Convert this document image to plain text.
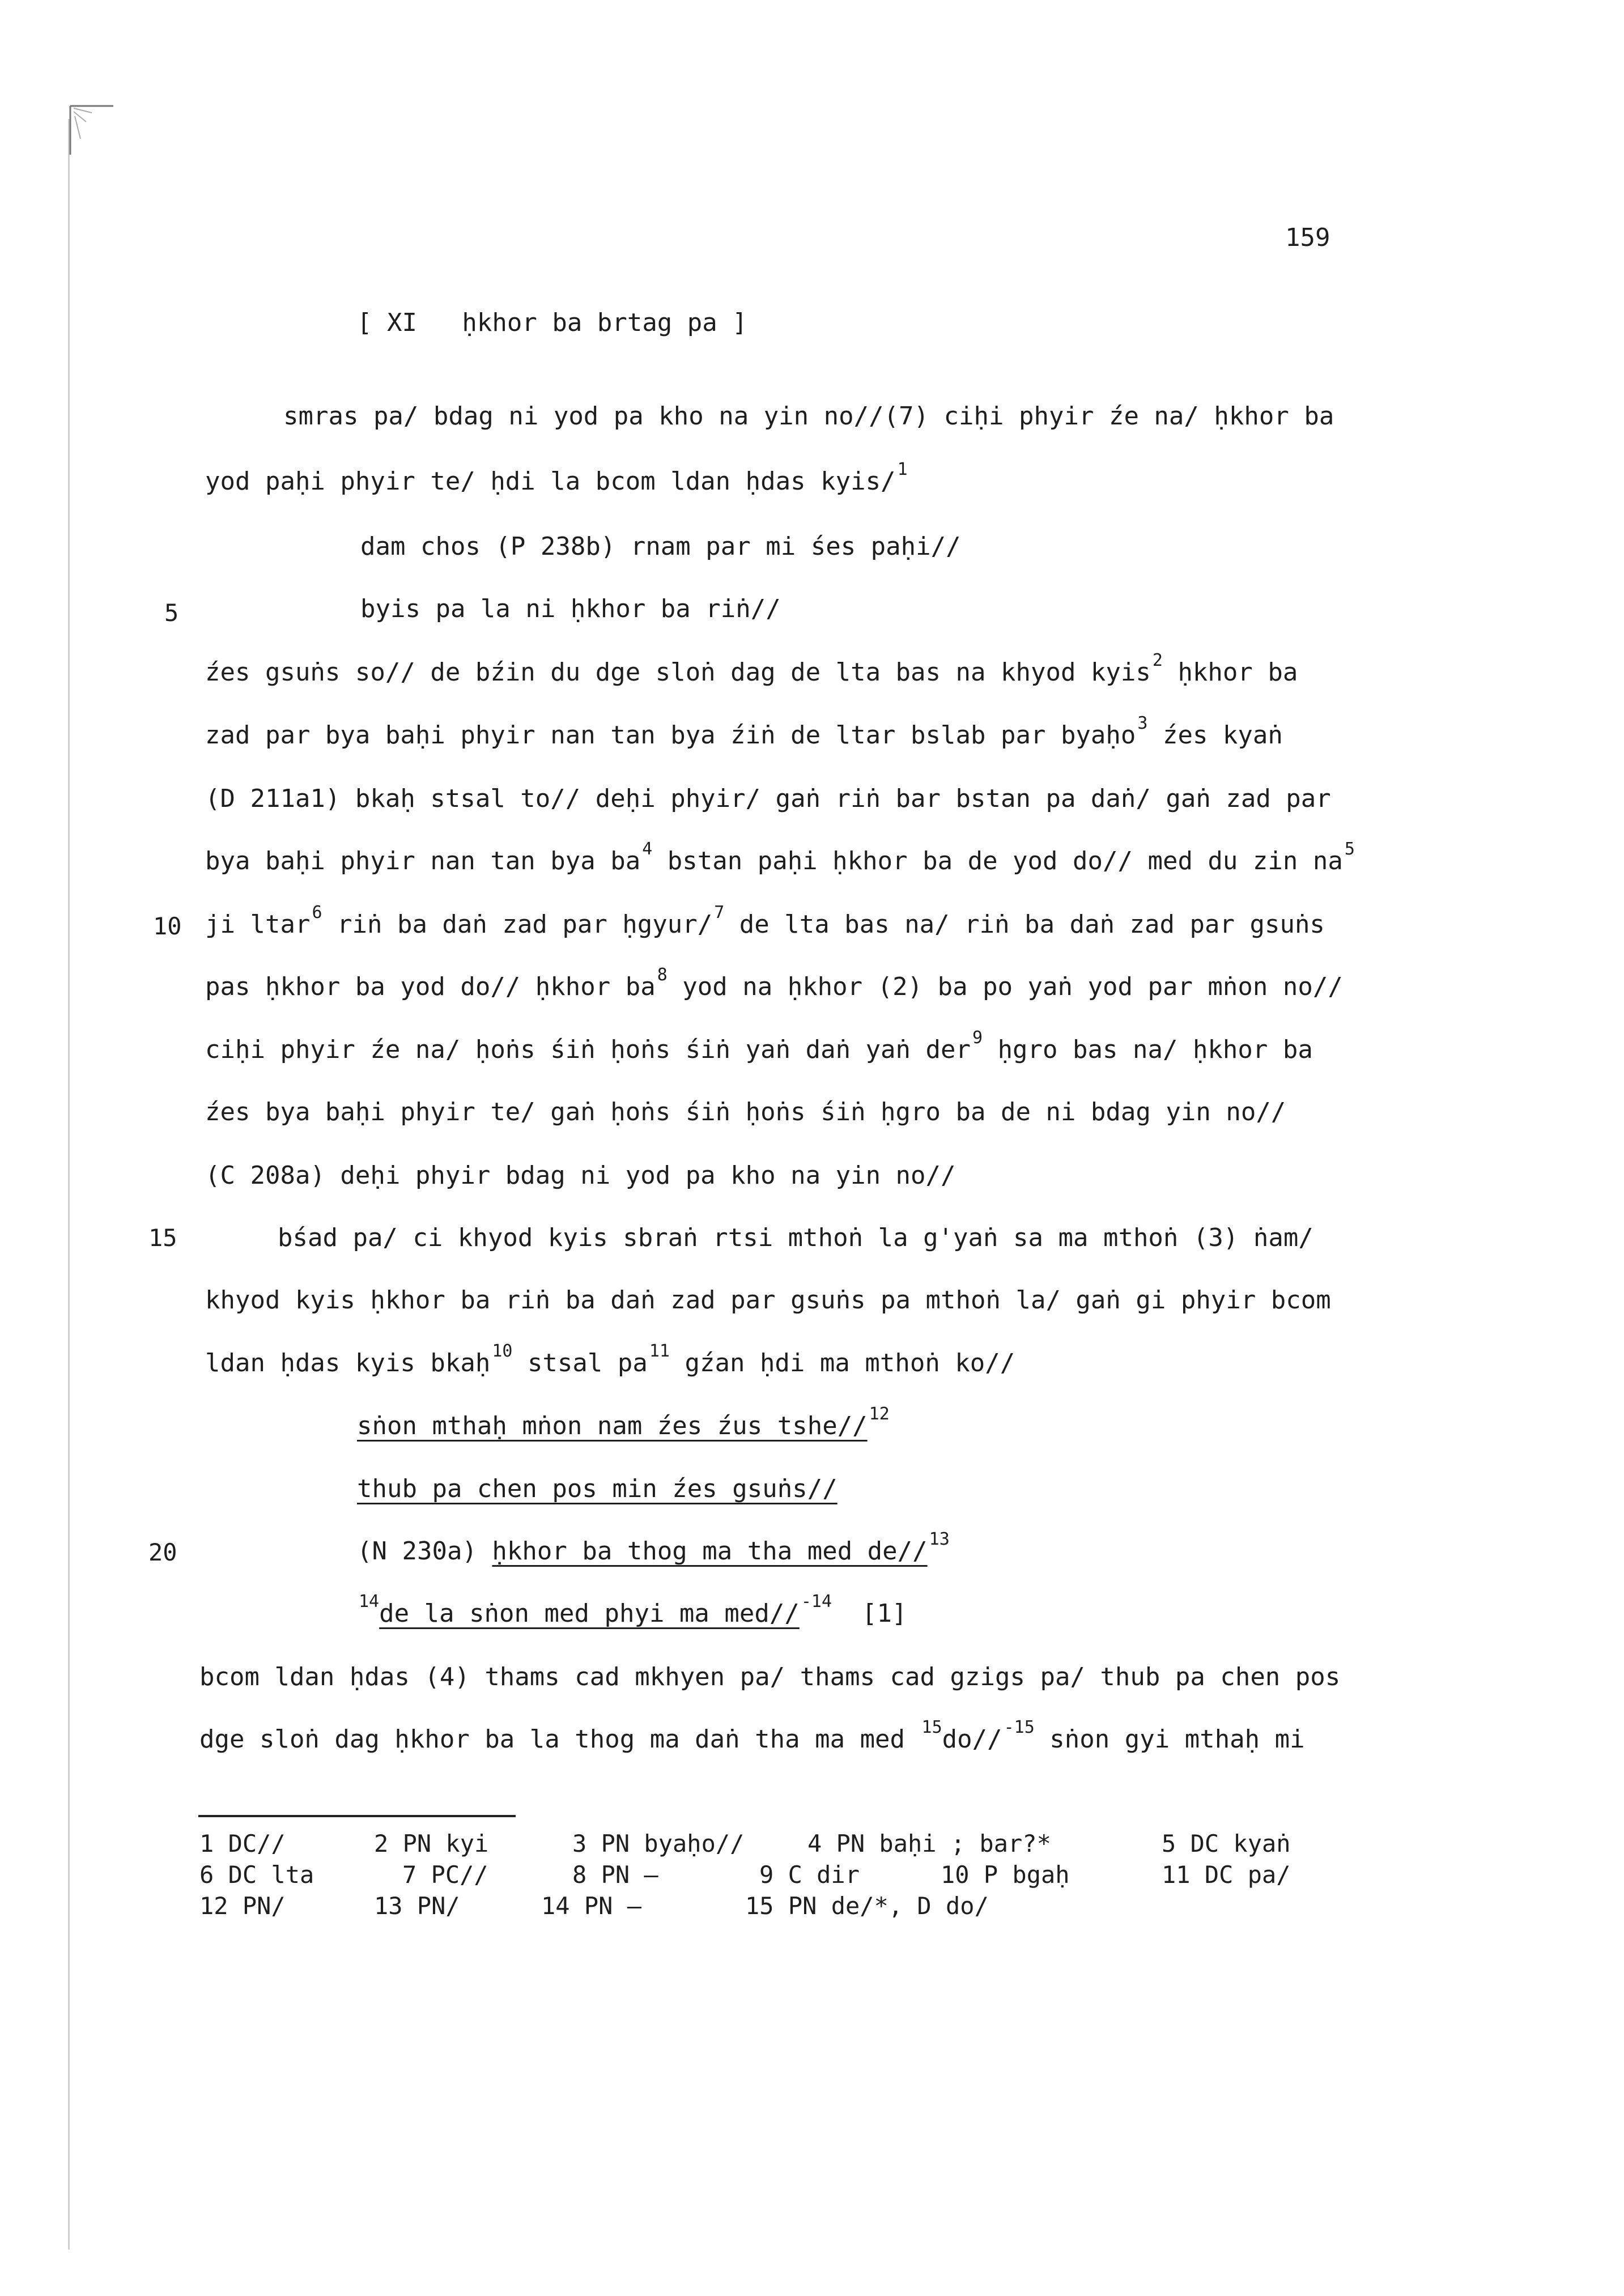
159
[ XI   ḥkhor ba brtag pa ]
5
10
15
20
smras pa/ bdag ni yod pa kho na yin no//(7) ciḥi phyir źe na/ ḥkhor ba
yod paḥi phyir te/ ḥdi la bcom ldan ḥdas kyis/ $^1$
dam chos (P 238b) rnam par mi śes paḥi//
byis pa la ni ḥkhor ba riṅ//
źes gsuṅs so// de bźin du dge sloṅ dag de lta bas na khyod kyis $^2$ ḥkhor ba
zad par bya baḥi phyir nan tan bya źiṅ de ltar bslab par byaḥo $^3$ źes kyaṅ
(D 211a1) bkaḥ stsal to// deḥi phyir/ gaṅ riṅ bar bstan pa daṅ/ gaṅ zad par
bya baḥi phyir nan tan bya ba $^4$ bstan paḥi ḥkhor ba de yod do// med du zin na $^5$
ji ltar $^6$ riṅ ba daṅ zad par ḥgyur/ $^7$ de lta bas na/ riṅ ba daṅ zad par gsuṅs
pas ḥkhor ba yod do// ḥkhor ba $^8$ yod na ḥkhor (2) ba po yaṅ yod par mṅon no//
ciḥi phyir źe na/ ḥoṅs śiṅ ḥoṅs śiṅ yaṅ daṅ yaṅ der $^9$ ḥgro bas na/ ḥkhor ba
źes bya baḥi phyir te/ gaṅ ḥoṅs śiṅ ḥoṅs śiṅ ḥgro ba de ni bdag yin no//
(C 208a) deḥi phyir bdag ni yod pa kho na yin no//
bśad pa/ ci khyod kyis sbraṅ rtsi mthoṅ la g'yaṅ sa ma mthoṅ (3) ṅam/
khyod kyis ḥkhor ba riṅ ba daṅ zad par gsuṅs pa mthoṅ la/ gaṅ gi phyir bcom
ldan ḥdas kyis bkaḥ $^{10}$ stsal pa $^{11}$ gźan ḥdi ma mthoṅ ko//
sṅon mthaḥ mṅon nam źes źus tshe// $^{12}$
thub pa chen pos min źes gsuṅs//
(N 230a) ḥkhor ba thog ma tha med de// $^{13}$
$^{14}$de la sṅon med phyi ma med// $^{-14}$ [1]
bcom ldan ḥdas (4) thams cad mkhyen pa/ thams cad gzigs pa/ thub pa chen pos
dge sloṅ dag ḥkhor ba la thog ma daṅ tha ma med $^{15}$do// $^{-15}$ sṅon gyi mthaḥ mi
1 DC//	2 PN kyi	3 PN byaḥo//	4 PN baḥi ; bar?*	5 DC kyaṅ
6 DC lta	7 PC//	8 PN —	9 C dir	10 P bgaḥ	11 DC pa/
12 PN/	13 PN/	14 PN —	15 PN de/*, D do/
